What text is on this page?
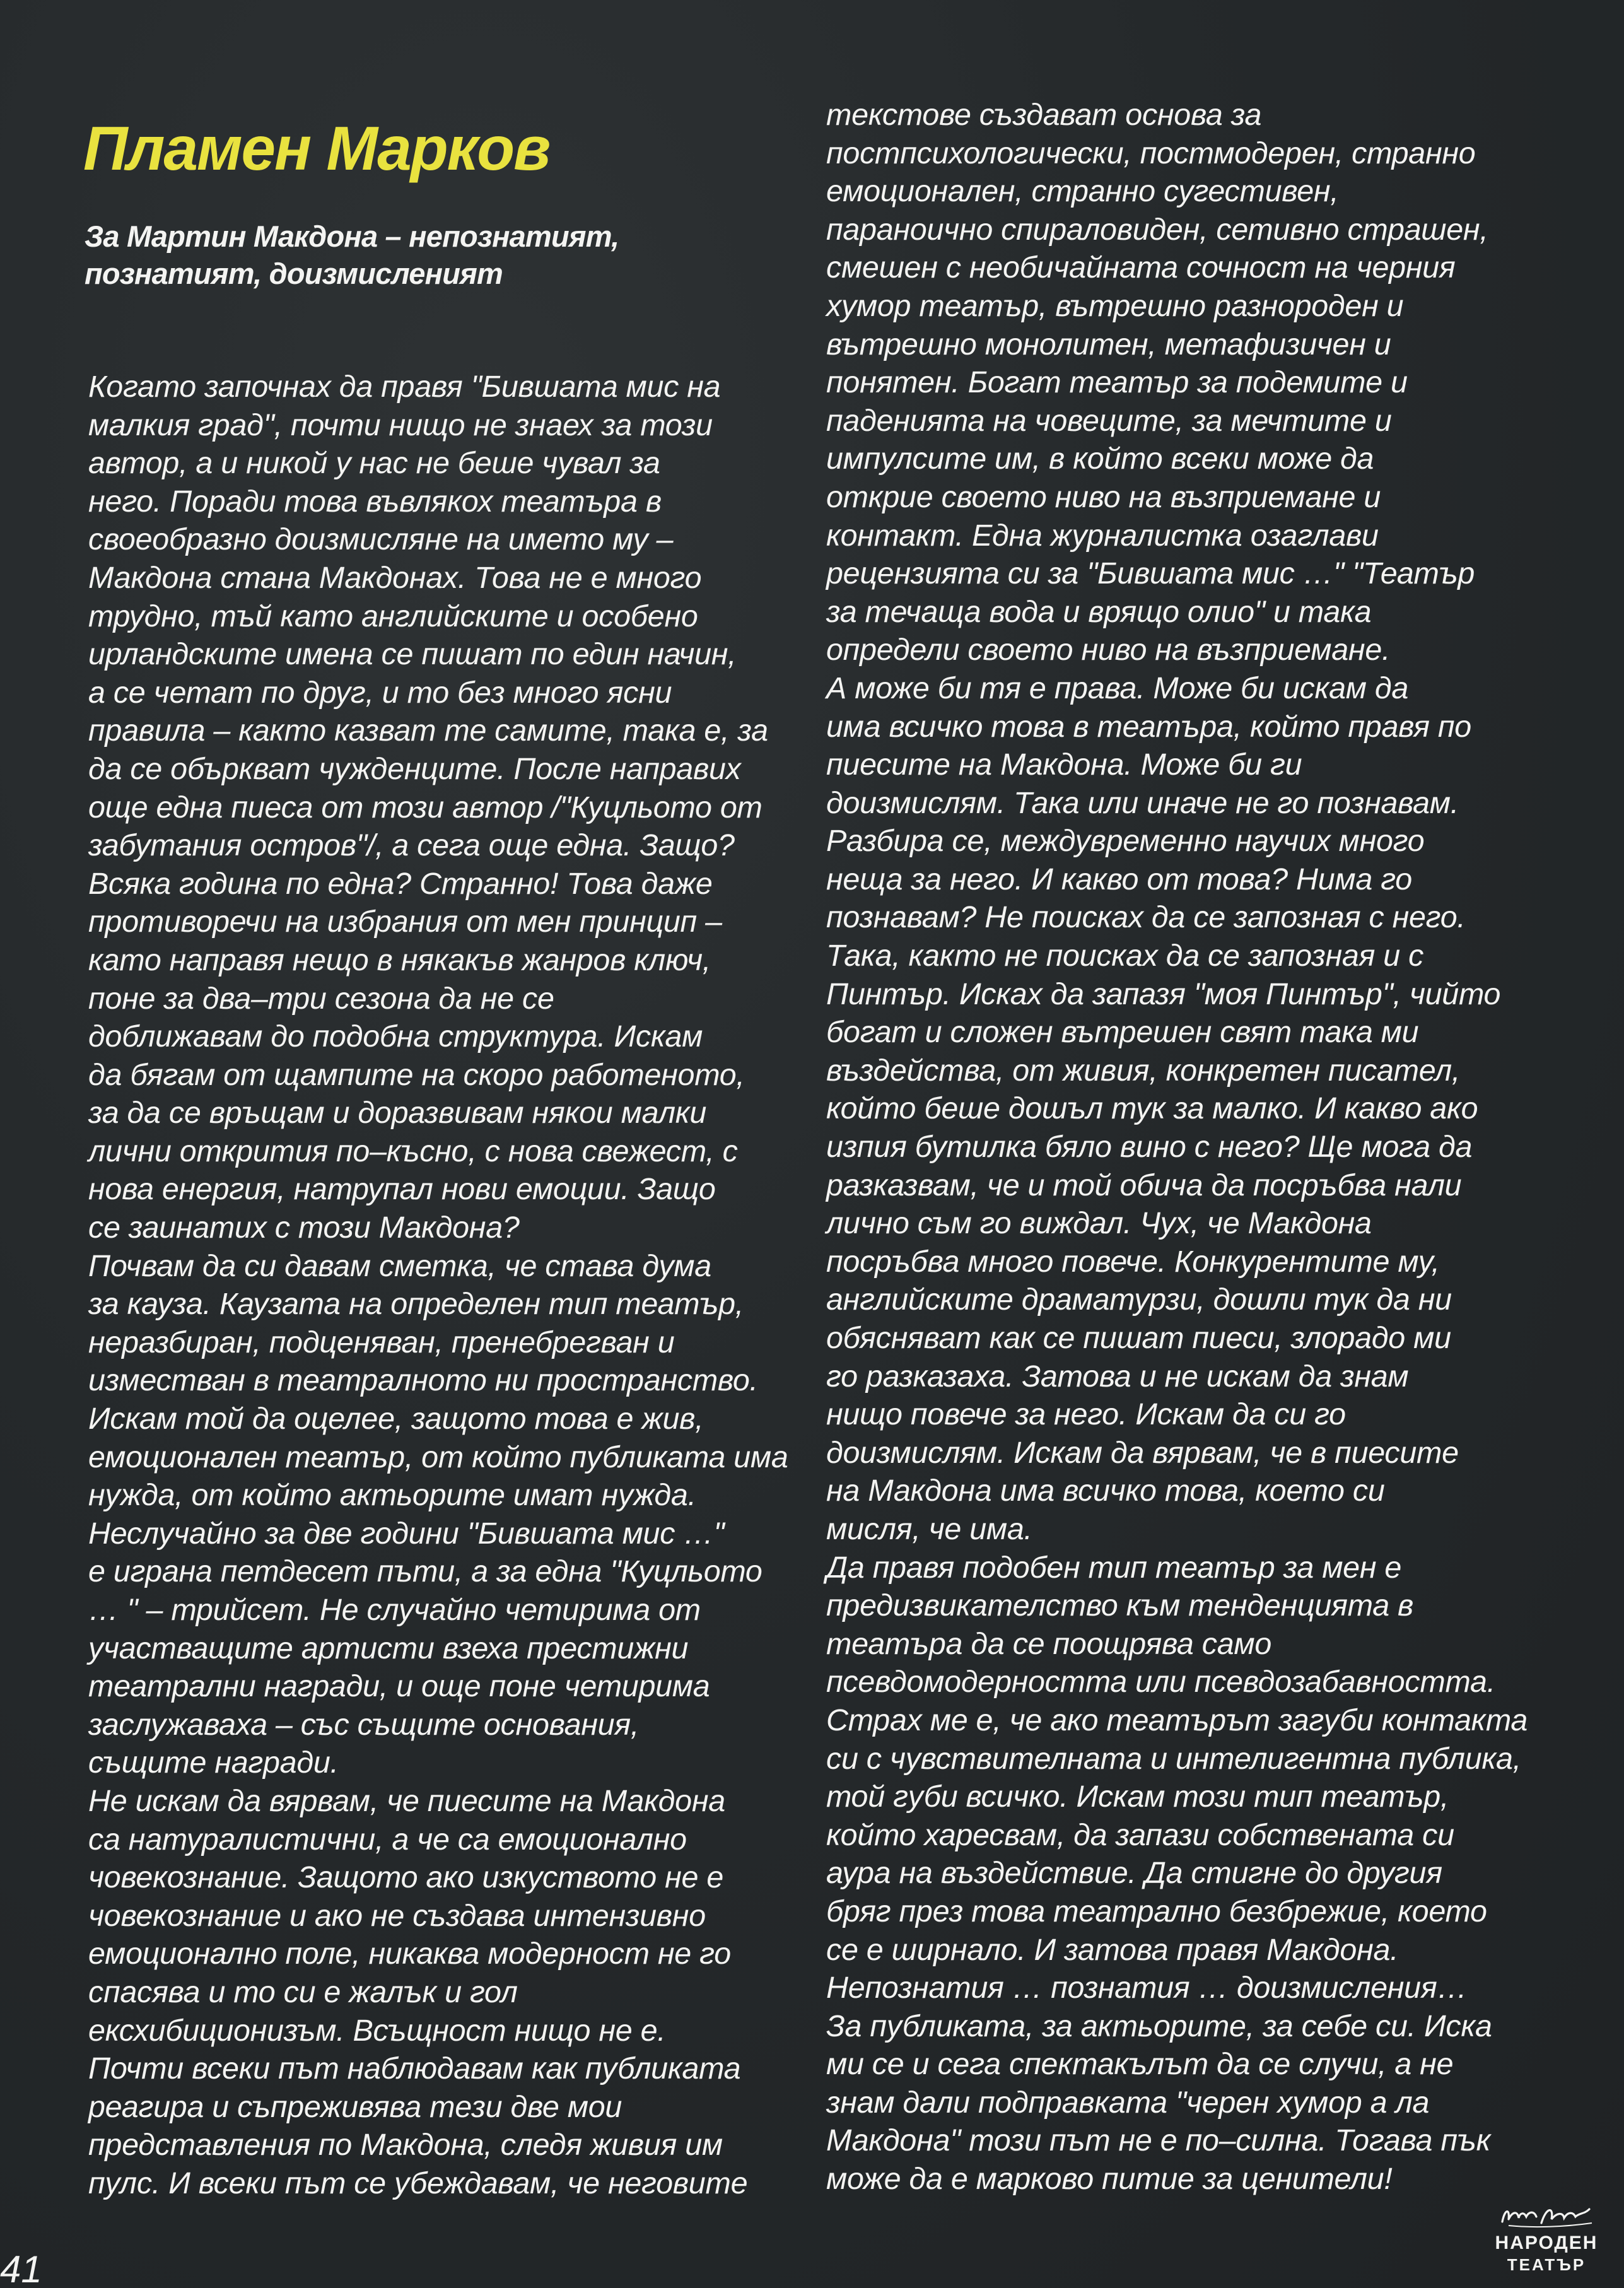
Пламен Марков
За Мартин Макдона – непознатият,
познатият, доизмисленият

Когато започнах да правя "Бившата мис на

малкия град", почти нищо не знаех за този

автор, а и никой у нас не беше чувал за

него. Поради това въвлякох театъра в

своеобразно доизмисляне на името му –

Макдона стана Макдонах. Това не е много

трудно, тъй като английските и особено

ирландските имена се пишат по един начин,

а се четат по друг, и то без много ясни

правила – както казват те самите, така е, за

да се объркват чужденците. После направих

още една пиеса от този автор /"Куцльото от

забутания остров"/, а сега още една. Защо?

Всяка година по една? Странно! Това даже

противоречи на избрания от мен принцип –

като направя нещо в някакъв жанров ключ,

поне за два–три сезона да не се

доближавам до подобна структура. Искам

да бягам от щампите на скоро работеното,

за да се връщам и доразвивам някои малки

лични открития по–късно, с нова свежест, с

нова енергия, натрупал нови емоции. Защо

се заинатих с този Макдона?

Почвам да си давам сметка, че става дума

за кауза. Каузата на определен тип театър,

неразбиран, подценяван, пренебрегван и

изместван в театралното ни пространство.

Искам той да оцелее, защото това е жив,

емоционален театър, от който публиката има

нужда, от който актьорите имат нужда.

Неслучайно за две години "Бившата мис …"

е играна петдесет пъти, а за една "Куцльото

… " – трийсет. Не случайно четирима от

участващите артисти взеха престижни

театрални награди, и още поне четирима

заслужаваха – със същите основания,

същите награди.

Не искам да вярвам, че пиесите на Макдона

са натуралистични, а че са емоционално

човекознание. Защото ако изкуството не е

човекознание и ако не създава интензивно

емоционално поле, никаква модерност не го

спасява и то си е жалък и гол

ексхибиционизъм. Всъщност нищо не е.

Почти всеки път наблюдавам как публиката

реагира и съпреживява тези две мои

представления по Макдона, следя живия им

пулс. И всеки път се убеждавам, че неговите

текстове създават основа за

постпсихологически, постмодерен, странно

емоционален, странно сугестивен,

параноично спираловиден, сетивно страшен,

смешен с необичайната сочност на черния

хумор театър, вътрешно разнороден и

вътрешно монолитен, метафизичен и

понятен. Богат театър за подемите и

паденията на човеците, за мечтите и

импулсите им, в който всеки може да

открие своето ниво на възприемане и

контакт. Една журналистка озаглави

рецензията си за "Бившата мис …" "Театър

за течаща вода и врящо олио" и така

определи своето ниво на възприемане.

А може би тя е права. Може би искам да

има всичко това в театъра, който правя по

пиесите на Макдона. Може би ги

доизмислям. Така или иначе не го познавам.

Разбира се, междувременно научих много

неща за него. И какво от това? Нима го

познавам? Не поисках да се запозная с него.

Така, както не поисках да се запозная и с

Пинтър. Исках да запазя "моя Пинтър", чийто

богат и сложен вътрешен свят така ми

въздейства, от живия, конкретен писател,

който беше дошъл тук за малко. И какво ако

изпия бутилка бяло вино с него? Ще мога да

разказвам, че и той обича да посръбва нали

лично съм го виждал. Чух, че Макдона

посръбва много повече. Конкурентите му,

английските драматурзи, дошли тук да ни

обясняват как се пишат пиеси, злорадо ми

го разказаха. Затова и не искам да знам

нищо повече за него. Искам да си го

доизмислям. Искам да вярвам, че в пиесите

на Макдона има всичко това, което си

мисля, че има.

Да правя подобен тип театър за мен е

предизвикателство към тенденцията в

театъра да се поощрява само

псевдомодерността или псевдозабавността.

Страх ме е, че ако театърът загуби контакта

си с чувствителната и интелигентна публика,

той губи всичко. Искам този тип театър,

който харесвам, да запази собствената си

аура на въздействие. Да стигне до другия

бряг през това театрално безбрежие, което

се е ширнало. И затова правя Макдона.

Непознатия … познатия … доизмисления…

За публиката, за актьорите, за себе си. Иска

ми се и сега спектакълът да се случи, а не

знам дали подправката "черен хумор а ла

Макдона" този път не е по–силна. Тогава пък

може да е марково питие за ценители!

41
НАРОДЕН
ТЕАТЪР
